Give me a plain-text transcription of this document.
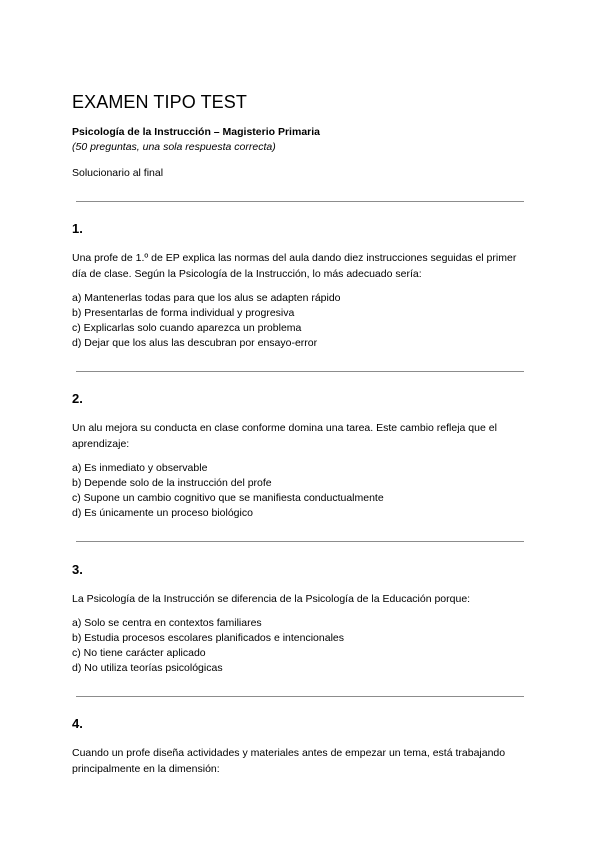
EXAMEN TIPO TEST
Psicología de la Instrucción – Magisterio Primaria
(50 preguntas, una sola respuesta correcta)
Solucionario al final
1.
Una profe de 1.º de EP explica las normas del aula dando diez instrucciones seguidas el primer día de clase. Según la Psicología de la Instrucción, lo más adecuado sería:
a) Mantenerlas todas para que los alus se adapten rápido
b) Presentarlas de forma individual y progresiva
c) Explicarlas solo cuando aparezca un problema
d) Dejar que los alus las descubran por ensayo-error
2.
Un alu mejora su conducta en clase conforme domina una tarea. Este cambio refleja que el aprendizaje:
a) Es inmediato y observable
b) Depende solo de la instrucción del profe
c) Supone un cambio cognitivo que se manifiesta conductualmente
d) Es únicamente un proceso biológico
3.
La Psicología de la Instrucción se diferencia de la Psicología de la Educación porque:
a) Solo se centra en contextos familiares
b) Estudia procesos escolares planificados e intencionales
c) No tiene carácter aplicado
d) No utiliza teorías psicológicas
4.
Cuando un profe diseña actividades y materiales antes de empezar un tema, está trabajando principalmente en la dimensión:
